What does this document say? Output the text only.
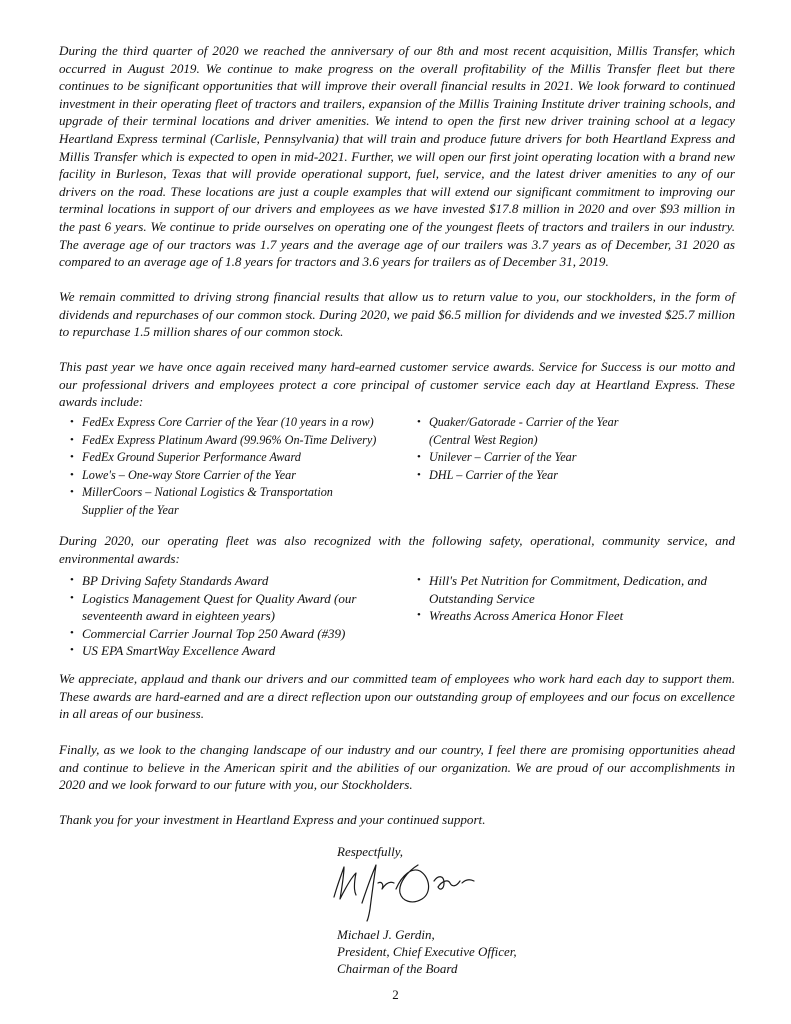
During the third quarter of 2020 we reached the anniversary of our 8th and most recent acquisition, Millis Transfer, which occurred in August 2019. We continue to make progress on the overall profitability of the Millis Transfer fleet but there continues to be significant opportunities that will improve their overall financial results in 2021. We look forward to continued investment in their operating fleet of tractors and trailers, expansion of the Millis Training Institute driver training schools, and upgrade of their terminal locations and driver amenities. We intend to open the first new driver training school at a legacy Heartland Express terminal (Carlisle, Pennsylvania) that will train and produce future drivers for both Heartland Express and Millis Transfer which is expected to open in mid-2021. Further, we will open our first joint operating location with a brand new facility in Burleson, Texas that will provide operational support, fuel, service, and the latest driver amenities to any of our drivers on the road. These locations are just a couple examples that will extend our significant commitment to improving our terminal locations in support of our drivers and employees as we have invested $17.8 million in 2020 and over $93 million in the past 6 years. We continue to pride ourselves on operating one of the youngest fleets of tractors and trailers in our industry. The average age of our tractors was 1.7 years and the average age of our trailers was 3.7 years as of December, 31 2020 as compared to an average age of 1.8 years for tractors and 3.6 years for trailers as of December 31, 2019.

We remain committed to driving strong financial results that allow us to return value to you, our stockholders, in the form of dividends and repurchases of our common stock. During 2020, we paid $6.5 million for dividends and we invested $25.7 million to repurchase 1.5 million shares of our common stock.

This past year we have once again received many hard-earned customer service awards. Service for Success is our motto and our professional drivers and employees protect a core principal of customer service each day at Heartland Express. These awards include:

• FedEx Express Core Carrier of the Year (10 years in a row)
• FedEx Express Platinum Award (99.96% On-Time Delivery)
• FedEx Ground Superior Performance Award
• Lowe's – One-way Store Carrier of the Year
• MillerCoors – National Logistics & Transportation Supplier of the Year
• Quaker/Gatorade - Carrier of the Year (Central West Region)
• Unilever – Carrier of the Year
• DHL – Carrier of the Year

During 2020, our operating fleet was also recognized with the following safety, operational, community service, and environmental awards:

• BP Driving Safety Standards Award
• Logistics Management Quest for Quality Award (our seventeenth award in eighteen years)
• Commercial Carrier Journal Top 250 Award (#39)
• US EPA SmartWay Excellence Award
• Hill's Pet Nutrition for Commitment, Dedication, and Outstanding Service
• Wreaths Across America Honor Fleet

We appreciate, applaud and thank our drivers and our committed team of employees who work hard each day to support them. These awards are hard-earned and are a direct reflection upon our outstanding group of employees and our focus on excellence in all areas of our business.

Finally, as we look to the changing landscape of our industry and our country, I feel there are promising opportunities ahead and continue to believe in the American spirit and the abilities of our organization. We are proud of our accomplishments in 2020 and we look forward to our future with you, our Stockholders.

Thank you for your investment in Heartland Express and your continued support.

Respectfully,
Michael J. Gerdin,
President, Chief Executive Officer,
Chairman of the Board
2
